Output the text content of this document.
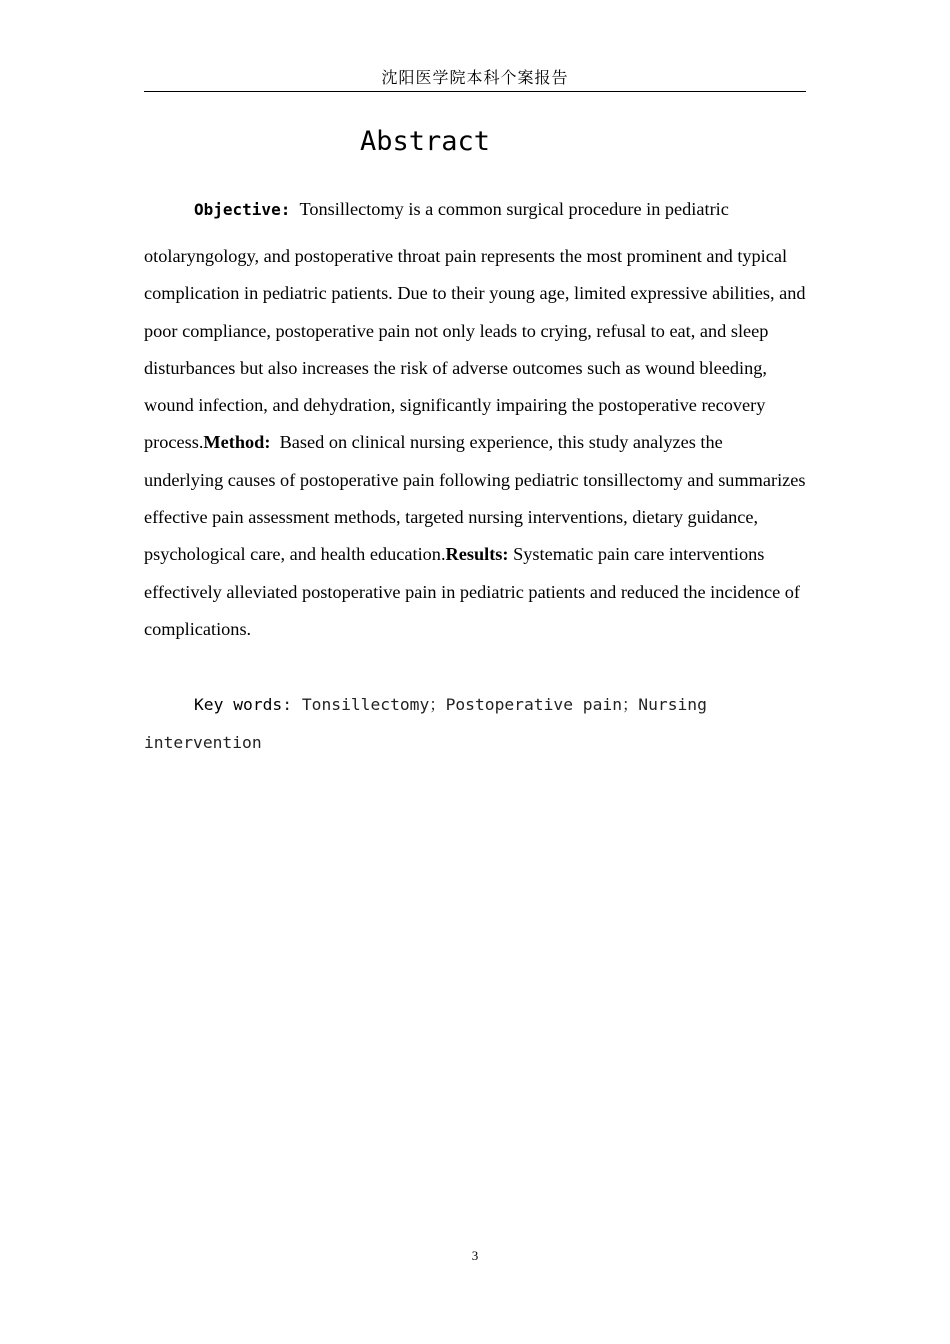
沈阳医学院本科个案报告
Abstract
Objective: Tonsillectomy is a common surgical procedure in pediatric
otolaryngology, and postoperative throat pain represents the most prominent and typical complication in pediatric patients. Due to their young age, limited expressive abilities, and poor compliance, postoperative pain not only leads to crying, refusal to eat, and sleep disturbances but also increases the risk of adverse outcomes such as wound bleeding, wound infection, and dehydration, significantly impairing the postoperative recovery process.Method: Based on clinical nursing experience, this study analyzes the underlying causes of postoperative pain following pediatric tonsillectomy and summarizes effective pain assessment methods, targeted nursing interventions, dietary guidance, psychological care, and health education.Results: Systematic pain care interventions effectively alleviated postoperative pain in pediatric patients and reduced the incidence of complications.
Key words: Tonsillectomy；Postoperative pain；Nursing intervention
3
